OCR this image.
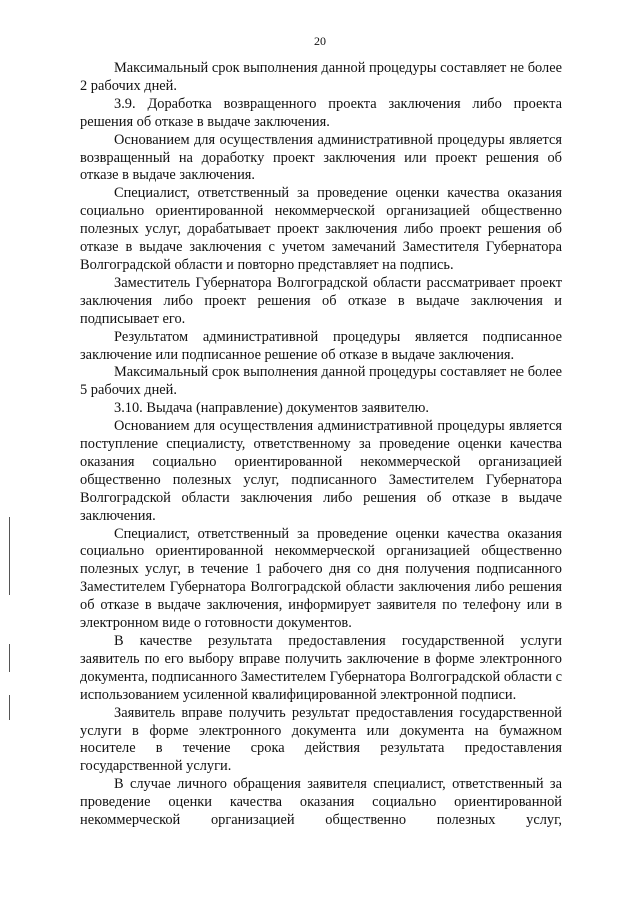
20

Максимальный срок выполнения данной процедуры составляет не более 2 рабочих дней.

3.9. Доработка возвращенного проекта заключения либо проекта решения об отказе в выдаче заключения.

Основанием для осуществления административной процедуры является возвращенный на доработку проект заключения или проект решения об отказе в выдаче заключения.

Специалист, ответственный за проведение оценки качества оказания социально ориентированной некоммерческой организацией общественно полезных услуг, дорабатывает проект заключения либо проект решения об отказе в выдаче заключения с учетом замечаний Заместителя Губернатора Волгоградской области и повторно представляет на подпись.

Заместитель Губернатора Волгоградской области рассматривает проект заключения либо проект решения об отказе в выдаче заключения и подписывает его.

Результатом административной процедуры является подписанное заключение или подписанное решение об отказе в выдаче заключения.

Максимальный срок выполнения данной процедуры составляет не более 5 рабочих дней.

3.10. Выдача (направление) документов заявителю.

Основанием для осуществления административной процедуры является поступление специалисту, ответственному за проведение оценки качества оказания социально ориентированной некоммерческой организацией общественно полезных услуг, подписанного Заместителем Губернатора Волгоградской области заключения либо решения об отказе в выдаче заключения.

Специалист, ответственный за проведение оценки качества оказания социально ориентированной некоммерческой организацией общественно полезных услуг, в течение 1 рабочего дня со дня получения подписанного Заместителем Губернатора Волгоградской области заключения либо решения об отказе в выдаче заключения, информирует заявителя по телефону или в электронном виде о готовности документов.

В качестве результата предоставления государственной услуги заявитель по его выбору вправе получить заключение в форме электронного документа, подписанного Заместителем Губернатора Волгоградской области с использованием усиленной квалифицированной электронной подписи.

Заявитель вправе получить результат предоставления государственной услуги в форме электронного документа или документа на бумажном носителе в течение срока действия результата предоставления государственной услуги.

В случае личного обращения заявителя специалист, ответственный за проведение оценки качества оказания социально ориентированной некоммерческой организацией общественно полезных услуг,
